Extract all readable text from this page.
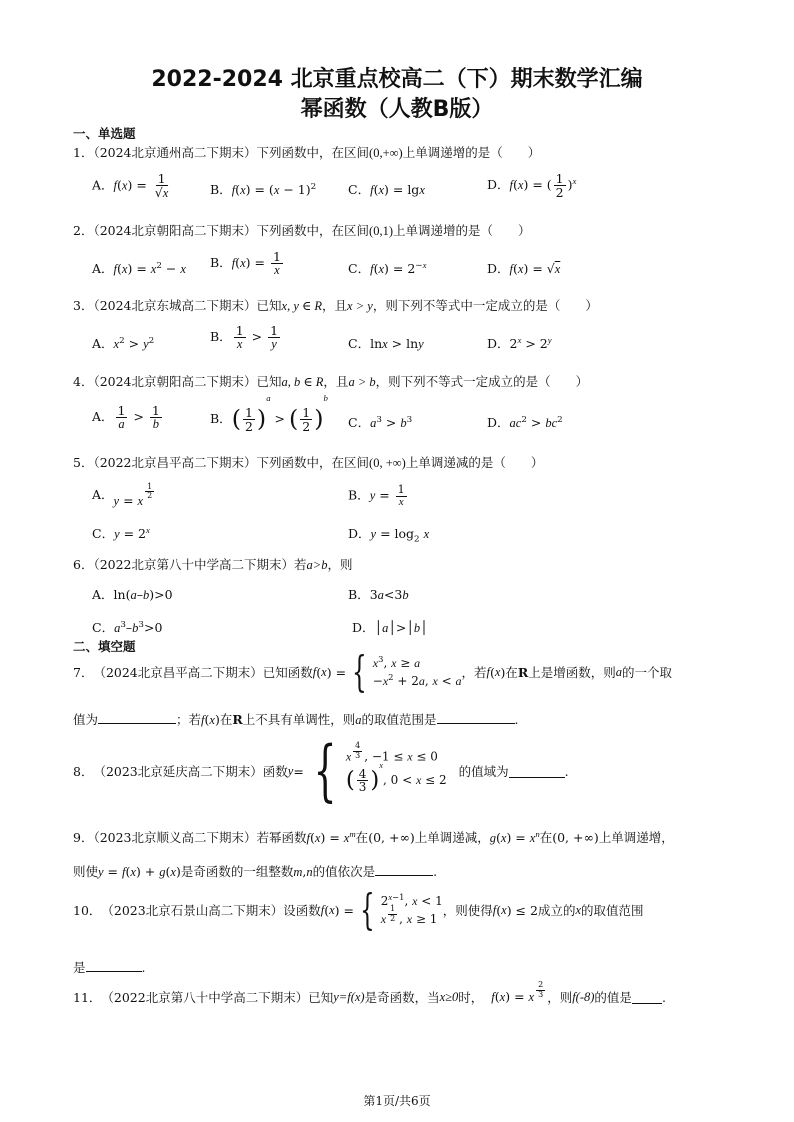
2022-2024 北京重点校高二（下）期末数学汇编
幂函数（人教B版）
一、单选题
1．（2024北京通州高二下期末）下列函数中，在区间(0,+∞)上单调递增的是（　　）
A．$f(x) = \frac{1}{√x}$	B．$f(x) = (x - 1)^2$	C．f(x) = lgx	D．f(x) = ( $\frac{1}{2} )^x$
2．（2024北京朝阳高二下期末）下列函数中，在区间(0,1)上单调递增的是（　　）
A．$f(x) = x^2 - x$ B．$f(x) = \frac{1}{x}$	C．$f(x) = 2^{-x}$	D．f(x) = √x
3．（2024北京东城高二下期末）已知x, y ∈ R，且x > y，则下列不等式中一定成立的是（　　）
A．$x^2 > y^2$	B． $\frac{1}{x} > \frac{1}{y}$	C．lnx > lny	D．$2^x > 2^y$
4．（2024北京朝阳高二下期末）已知a, b ∈ R，且a > b，则下列不等式一定成立的是（　　）
A． $\frac{1}{a} > \frac{1}{b}$	B．( $\frac{1}{2} )^a$ > ( $\frac{1}{2} )^b$
C．$a^3 > b^3$	D．$ac^2 > bc^2$
5．（2022北京昌平高二下期末）下列函数中，在区间(0, +∞)上单调递减的是（　　）
A．y = x
$\frac{1}{2}$	B．$y = \frac{1}{x}$
C．$y = 2^x$	D．$y = \log_2 x$
6．（2022北京第八十中学高二下期末）若a>b，则
A．ln(a–b)>0	B．3a<3b
C．$a^3-b^3>0$	D．│a│>│b│
二、填空题
7． （2024北京昌平高二下期末） 已知函数 f ( x ) = { $x^3$, x ≥ a
$-x^2 + 2a$, x < a
，若 f ( x ) 在 R 上是增函数，则 a 的一个取
值为	；若f(x)在R上不具有单调性，则a的取值范围是	.
8． （2023北京延庆高二下期末） 函数 y = { x $\frac{4}{3}$ , −1 ≤ x ≤ 0
( $\frac{4}{3} )^x$, 0 < x ≤ 2
的值域为	.
9．（2023北京顺义高二下期末）若幂函数$f(x) = x^m$在(0, +∞)上单调递减，$g(x) = x^n$在(0, +∞)上单调递增，
则使y = f(x) + g(x)是奇函数的一组整数m,n的值依次是	.
10． （2023北京石景山高二下期末） 设函数 f ( x ) = { $2^{x-1}$, x < 1
x $\frac{1}{2}$ , x ≥ 1
，则使得 f ( x ) ≤ 2 成立的 x 的取值范围
是	.
11． （2022北京第八十中学高二下期末） 已知 y=f(x) 是奇函数，当 x≥0 时， f(x) = x $\frac{2}{3}$ ，则 f(-8) 的值是 .
第1页/共6页
